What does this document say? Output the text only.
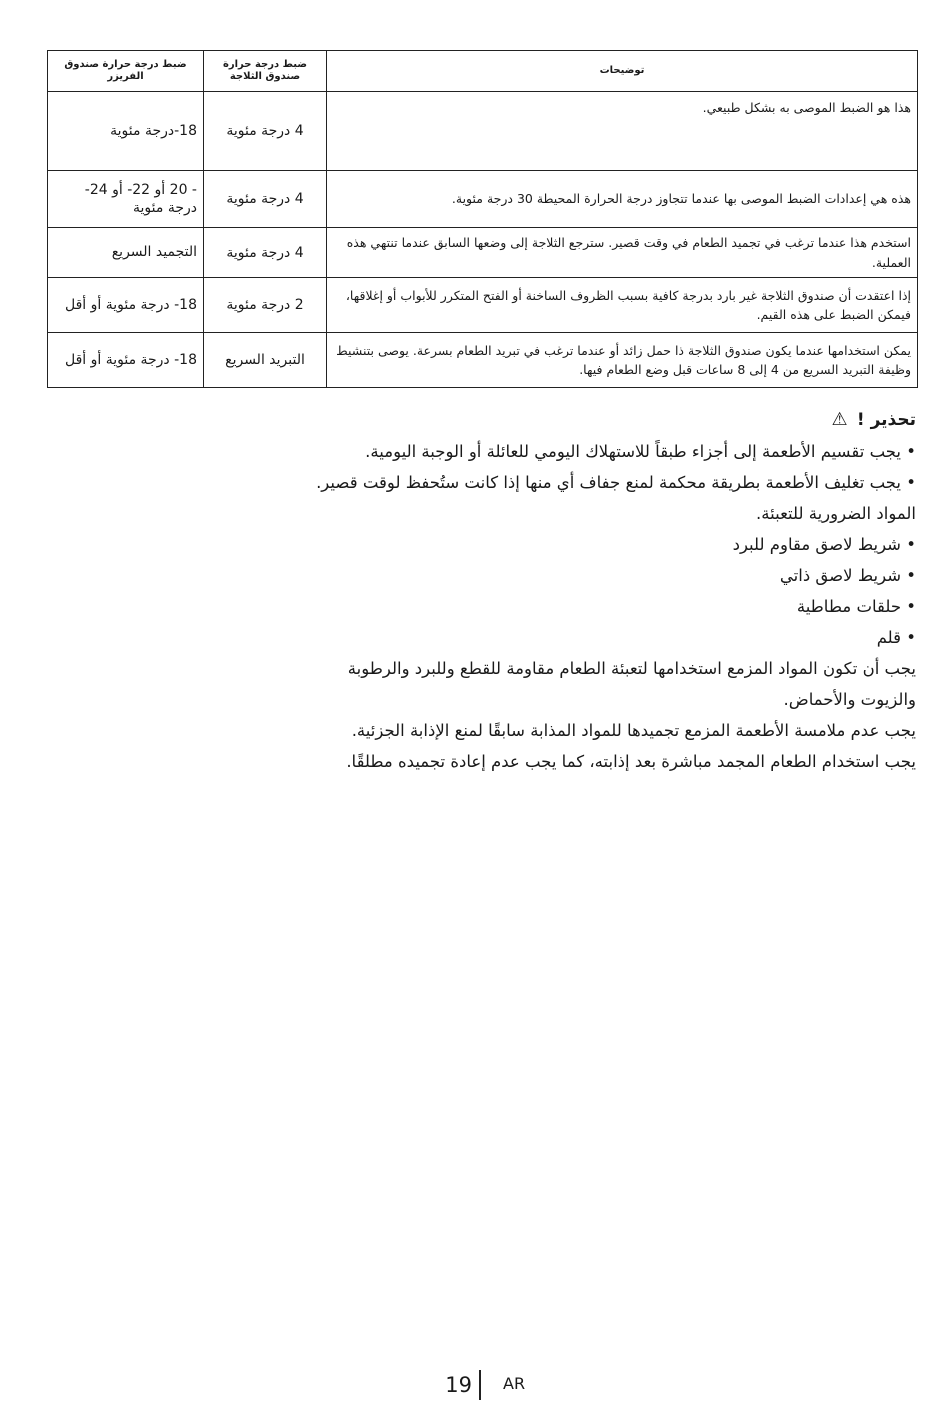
توضيحات	ضبط درجة حرارة صندوق الثلاجة	ضبط درجة حرارة صندوق الفريزر
هذا هو الضبط الموصى به بشكل طبيعي.	4 درجة مئوية	18-درجة مئوية
هذه هي إعدادات الضبط الموصى بها عندما تتجاوز درجة الحرارة المحيطة 30 درجة مئوية.	4 درجة مئوية	- 20 أو 22- أو 24- درجة مئوية
استخدم هذا عندما ترغب في تجميد الطعام في وقت قصير. سترجع الثلاجة إلى وضعها السابق عندما تنتهي هذه العملية.	4 درجة مئوية	التجميد السريع
إذا اعتقدت أن صندوق الثلاجة غير بارد بدرجة كافية بسبب الظروف الساخنة أو الفتح المتكرر للأبواب أو إغلاقها، فيمكن الضبط على هذه القيم.	2 درجة مئوية	18- درجة مئوية أو أقل
يمكن استخدامها عندما يكون صندوق الثلاجة ذا حمل زائد أو عندما ترغب في تبريد الطعام بسرعة. يوصى بتنشيط وظيفة التبريد السريع من 4 إلى 8 ساعات قبل وضع الطعام فيها.	التبريد السريع	18- درجة مئوية أو أقل

تحذير ! ⚠

• يجب تقسيم الأطعمة إلى أجزاء طبقاً للاستهلاك اليومي للعائلة أو الوجبة اليومية.

• يجب تغليف الأطعمة بطريقة محكمة لمنع جفاف أي منها إذا كانت ستُحفظ لوقت قصير.

المواد الضرورية للتعبئة.

• شريط لاصق مقاوم للبرد

• شريط لاصق ذاتي

• حلقات مطاطية

• قلم

يجب أن تكون المواد المزمع استخدامها لتعبئة الطعام مقاومة للقطع وللبرد والرطوبة والزيوت والأحماض.

يجب عدم ملامسة الأطعمة المزمع تجميدها للمواد المذابة سابقًا لمنع الإذابة الجزئية.

يجب استخدام الطعام المجمد مباشرة بعد إذابته، كما يجب عدم إعادة تجميده مطلقًا.

19 AR
